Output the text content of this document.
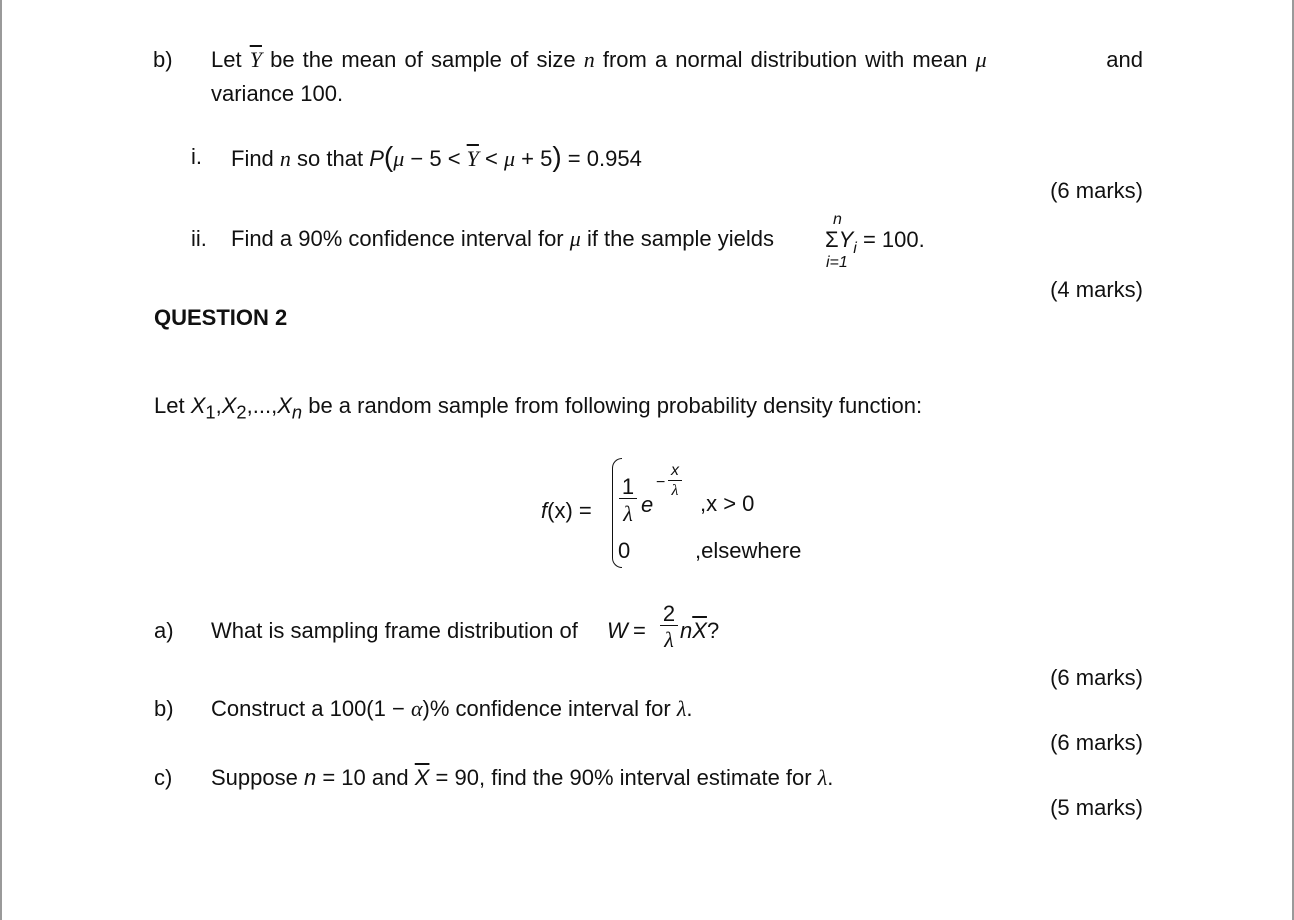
b) Let $\overline{Y}$ be the mean of sample of size n from a normal distribution with mean μ	and
variance 100.
i. Find n so that $P(\mu - 5 < \overline{Y} < \mu + 5) = 0.954$
(6 marks)
ii. Find a 90% confidence interval for μ if the sample yields
n
$\Sigma Y_i = 100$.
i=1
(4 marks)
QUESTION 2
Let $X_1,X_2,...,X_n$ be a random sample from following probability density function:
f(x) =
1
λ e
−
x
λ
,x > 0
0	,elsewhere
a) What is sampling frame distribution of W =
2
λ $n\overline{X}$?
(6 marks)
b) Construct a 100(1 − α)% confidence interval for λ.
(6 marks)
c) Suppose n = 10 and $\overline{X} = 90$, find the 90% interval estimate for λ.
(5 marks)
